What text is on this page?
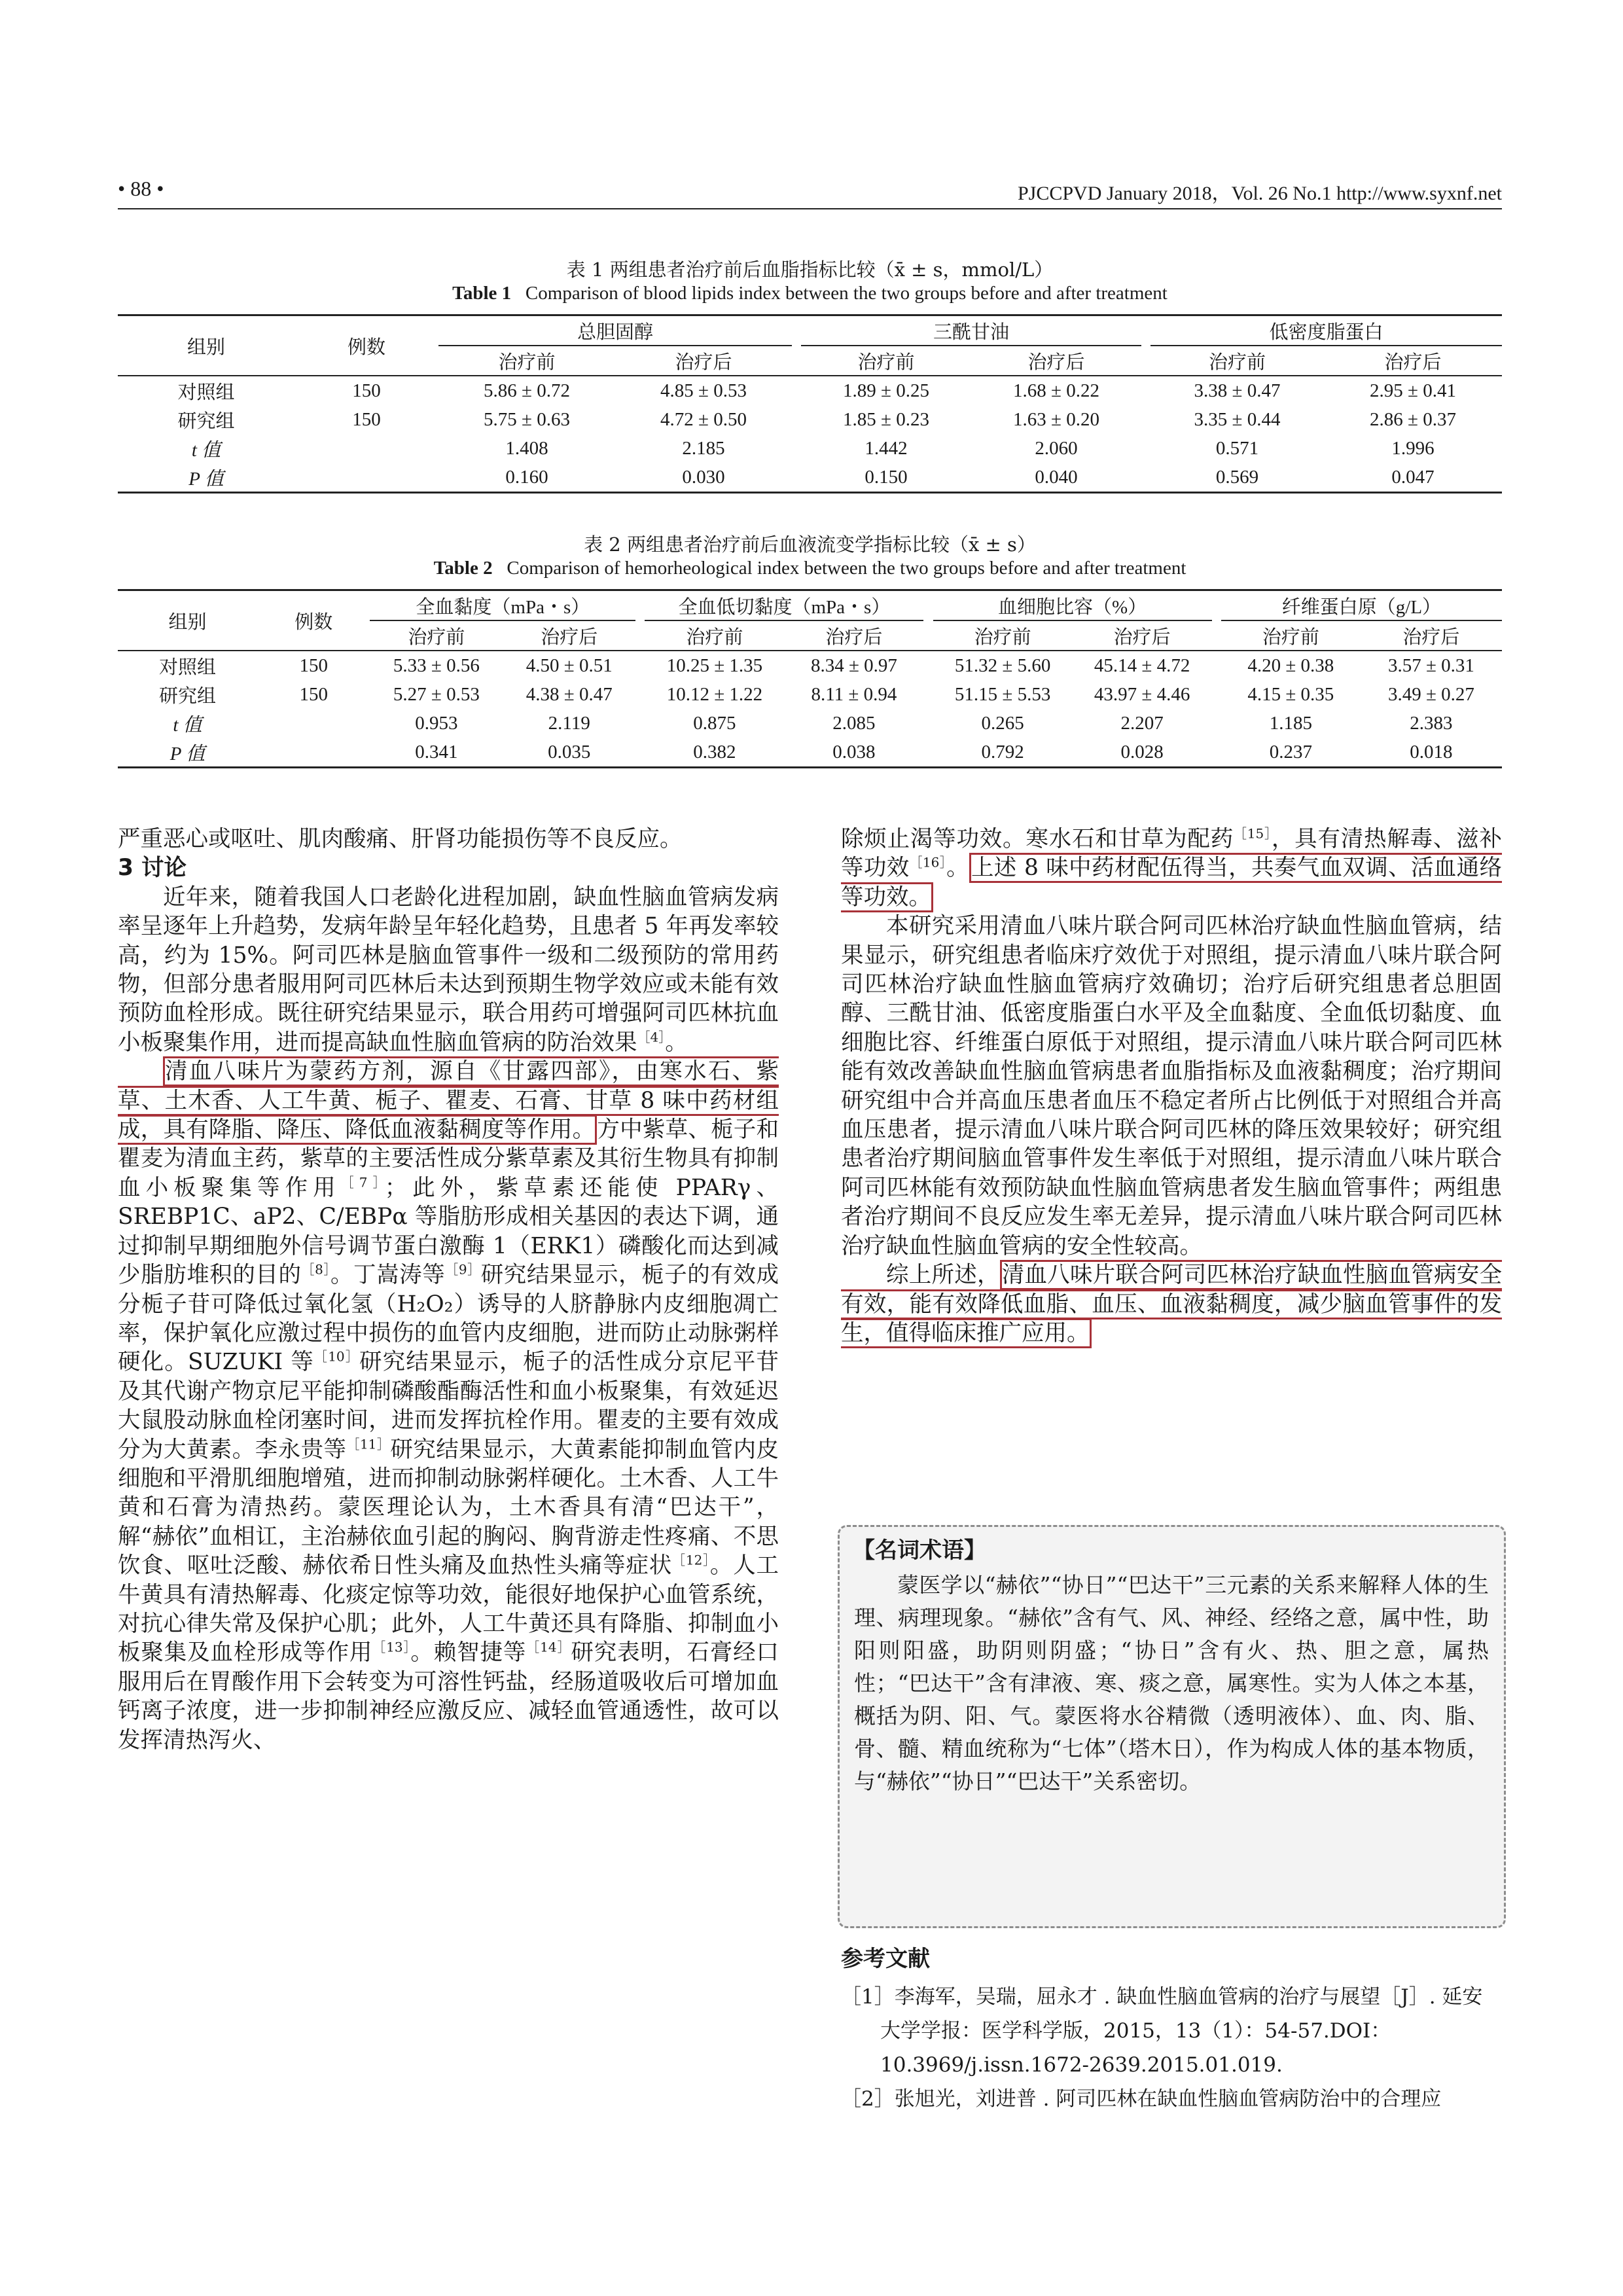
• 88 •	PJCCPVD January 2018，Vol. 26 No.1 http://www.syxnf.net
表 1 两组患者治疗前后血脂指标比较（x̄ ± s，mmol/L）
Table 1 Comparison of blood lipids index between the two groups before and after treatment
组别	例数	总胆固醇			三酰甘油			低密度脂蛋白	
		治疗前	治疗后		治疗前	治疗后		治疗前	治疗后
对照组	150	5.86 ± 0.72	4.85 ± 0.53		1.89 ± 0.25	1.68 ± 0.22		3.38 ± 0.47	2.95 ± 0.41
研究组	150	5.75 ± 0.63	4.72 ± 0.50		1.85 ± 0.23	1.63 ± 0.20		3.35 ± 0.44	2.86 ± 0.37
t 值		1.408	2.185		1.442	2.060		0.571	1.996
P 值		0.160	0.030		0.150	0.040		0.569	0.047
表 2 两组患者治疗前后血液流变学指标比较（x̄ ± s）
Table 2 Comparison of hemorheological index between the two groups before and after treatment
组别	例数	全血黏度（mPa・s）			全血低切黏度（mPa・s）			血细胞比容（%）			纤维蛋白原（g/L）	
		治疗前	治疗后		治疗前	治疗后		治疗前	治疗后		治疗前	治疗后
对照组	150	5.33 ± 0.56	4.50 ± 0.51		10.25 ± 1.35	8.34 ± 0.97		51.32 ± 5.60	45.14 ± 4.72		4.20 ± 0.38	3.57 ± 0.31
研究组	150	5.27 ± 0.53	4.38 ± 0.47		10.12 ± 1.22	8.11 ± 0.94		51.15 ± 5.53	43.97 ± 4.46		4.15 ± 0.35	3.49 ± 0.27
t 值		0.953	2.119		0.875	2.085		0.265	2.207		1.185	2.383
P 值		0.341	0.035		0.382	0.038		0.792	0.028		0.237	0.018

严重恶心或呕吐、肌肉酸痛、肝肾功能损伤等不良反应。

3 讨论

近年来，随着我国人口老龄化进程加剧，缺血性脑血管病发病率呈逐年上升趋势，发病年龄呈年轻化趋势，且患者 5 年再发率较高，约为 15%。阿司匹林是脑血管事件一级和二级预防的常用药物，但部分患者服用阿司匹林后未达到预期生物学效应或未能有效预防血栓形成。既往研究结果显示，联合用药可增强阿司匹林抗血小板聚集作用，进而提高缺血性脑血管病的防治效果$^{[4]}$。

清血八味片为蒙药方剂，源自《甘露四部》，由寒水石、紫草、土木香、人工牛黄、栀子、瞿麦、石膏、甘草 8 味中药材组成，具有降脂、降压、降低血液黏稠度等作用。方中紫草、栀子和瞿麦为清血主药，紫草的主要活性成分紫草素及其衍生物具有抑制血小板聚集等作用$^{[7]}$；此外，紫草素还能使 PPARγ、SREBP1C、aP2、C/EBPα 等脂肪形成相关基因的表达下调，通过抑制早期细胞外信号调节蛋白激酶 1（ERK1）磷酸化而达到减少脂肪堆积的目的$^{[8]}$。丁嵩涛等$^{[9]}$研究结果显示，栀子的有效成分栀子苷可降低过氧化氢（H₂O₂）诱导的人脐静脉内皮细胞凋亡率，保护氧化应激过程中损伤的血管内皮细胞，进而防止动脉粥样硬化。SUZUKI 等$^{[10]}$研究结果显示，栀子的活性成分京尼平苷及其代谢产物京尼平能抑制磷酸酯酶活性和血小板聚集，有效延迟大鼠股动脉血栓闭塞时间，进而发挥抗栓作用。瞿麦的主要有效成分为大黄素。李永贵等$^{[11]}$研究结果显示，大黄素能抑制血管内皮细胞和平滑肌细胞增殖，进而抑制动脉粥样硬化。土木香、人工牛黄和石膏为清热药。蒙医理论认为，土木香具有清“巴达干”，解“赫依”血相讧，主治赫依血引起的胸闷、胸背游走性疼痛、不思饮食、呕吐泛酸、赫依希日性头痛及血热性头痛等症状$^{[12]}$。人工牛黄具有清热解毒、化痰定惊等功效，能很好地保护心血管系统，对抗心律失常及保护心肌；此外，人工牛黄还具有降脂、抑制血小板聚集及血栓形成等作用$^{[13]}$。赖智捷等$^{[14]}$研究表明，石膏经口服用后在胃酸作用下会转变为可溶性钙盐，经肠道吸收后可增加血钙离子浓度，进一步抑制神经应激反应、减轻血管通透性，故可以发挥清热泻火、

除烦止渴等功效。寒水石和甘草为配药$^{[15]}$，具有清热解毒、滋补等功效$^{[16]}$。上述 8 味中药材配伍得当，共奏气血双调、活血通络等功效。

本研究采用清血八味片联合阿司匹林治疗缺血性脑血管病，结果显示，研究组患者临床疗效优于对照组，提示清血八味片联合阿司匹林治疗缺血性脑血管病疗效确切；治疗后研究组患者总胆固醇、三酰甘油、低密度脂蛋白水平及全血黏度、全血低切黏度、血细胞比容、纤维蛋白原低于对照组，提示清血八味片联合阿司匹林能有效改善缺血性脑血管病患者血脂指标及血液黏稠度；治疗期间研究组中合并高血压患者血压不稳定者所占比例低于对照组合并高血压患者，提示清血八味片联合阿司匹林的降压效果较好；研究组患者治疗期间脑血管事件发生率低于对照组，提示清血八味片联合阿司匹林能有效预防缺血性脑血管病患者发生脑血管事件；两组患者治疗期间不良反应发生率无差异，提示清血八味片联合阿司匹林治疗缺血性脑血管病的安全性较高。

综上所述，清血八味片联合阿司匹林治疗缺血性脑血管病安全有效，能有效降低血脂、血压、血液黏稠度，减少脑血管事件的发生，值得临床推广应用。

【名词术语】
蒙医学以“赫依”“协日”“巴达干”三元素的关系来解释人体的生理、病理现象。“赫依”含有气、风、神经、经络之意，属中性，助阳则阳盛，助阴则阴盛；“协日”含有火、热、胆之意，属热性；“巴达干”含有津液、寒、痰之意，属寒性。实为人体之本基，概括为阴、阳、气。蒙医将水谷精微（透明液体）、血、肉、脂、骨、髓、精血统称为“七体”（塔木日），作为构成人体的基本物质，与“赫依”“协日”“巴达干”关系密切。
参考文献

［1］李海军，吴瑞，屈永才 . 缺血性脑血管病的治疗与展望［J］. 延安大学学报：医学科学版，2015，13（1）：54-57.DOI：10.3969/j.issn.1672-2639.2015.01.019.

［2］张旭光，刘进普 . 阿司匹林在缺血性脑血管病防治中的合理应
